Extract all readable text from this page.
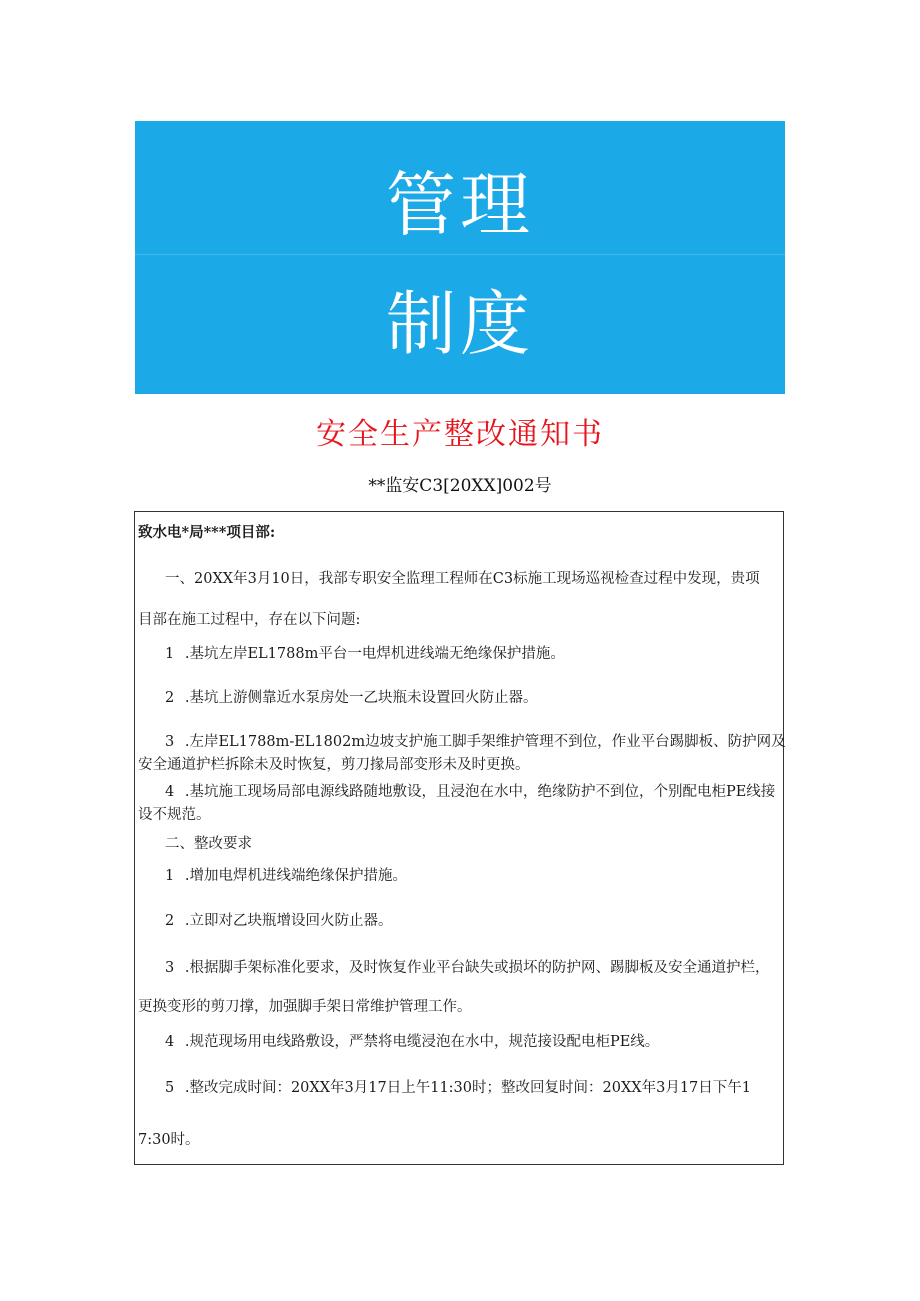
管理
制度
安全生产整改通知书
**监安C3[20XX]002号
致水电*局***项目部:
一、20XX年3月10日，我部专职安全监理工程师在C3标施工现场巡视检查过程中发现，贵项
目部在施工过程中，存在以下问题:
1 .基坑左岸EL1788m平台一电焊机进线端无绝缘保护措施。
2 .基坑上游侧靠近水泵房处一乙块瓶未设置回火防止器。
3 .左岸EL1788m-EL1802m边坡支护施工脚手架维护管理不到位，作业平台踢脚板、防护网及
安全通道护栏拆除未及时恢复，剪刀掾局部变形未及时更换。
4 .基坑施工现场局部电源线路随地敷设，且浸泡在水中，绝缘防护不到位，个别配电柜PE线接
设不规范。
二、整改要求
1 .增加电焊机进线端绝缘保护措施。
2 .立即对乙块瓶增设回火防止器。
3 .根据脚手架标准化要求，及时恢复作业平台缺失或损坏的防护网、踢脚板及安全通道护栏，
更换变形的剪刀撑，加强脚手架日常维护管理工作。
4 .规范现场用电线路敷设，严禁将电缆浸泡在水中，规范接设配电柜PE线。
5 .整改完成时间：20XX年3月17日上午11:30时；整改回复时间：20XX年3月17日下午1
7:30时。
